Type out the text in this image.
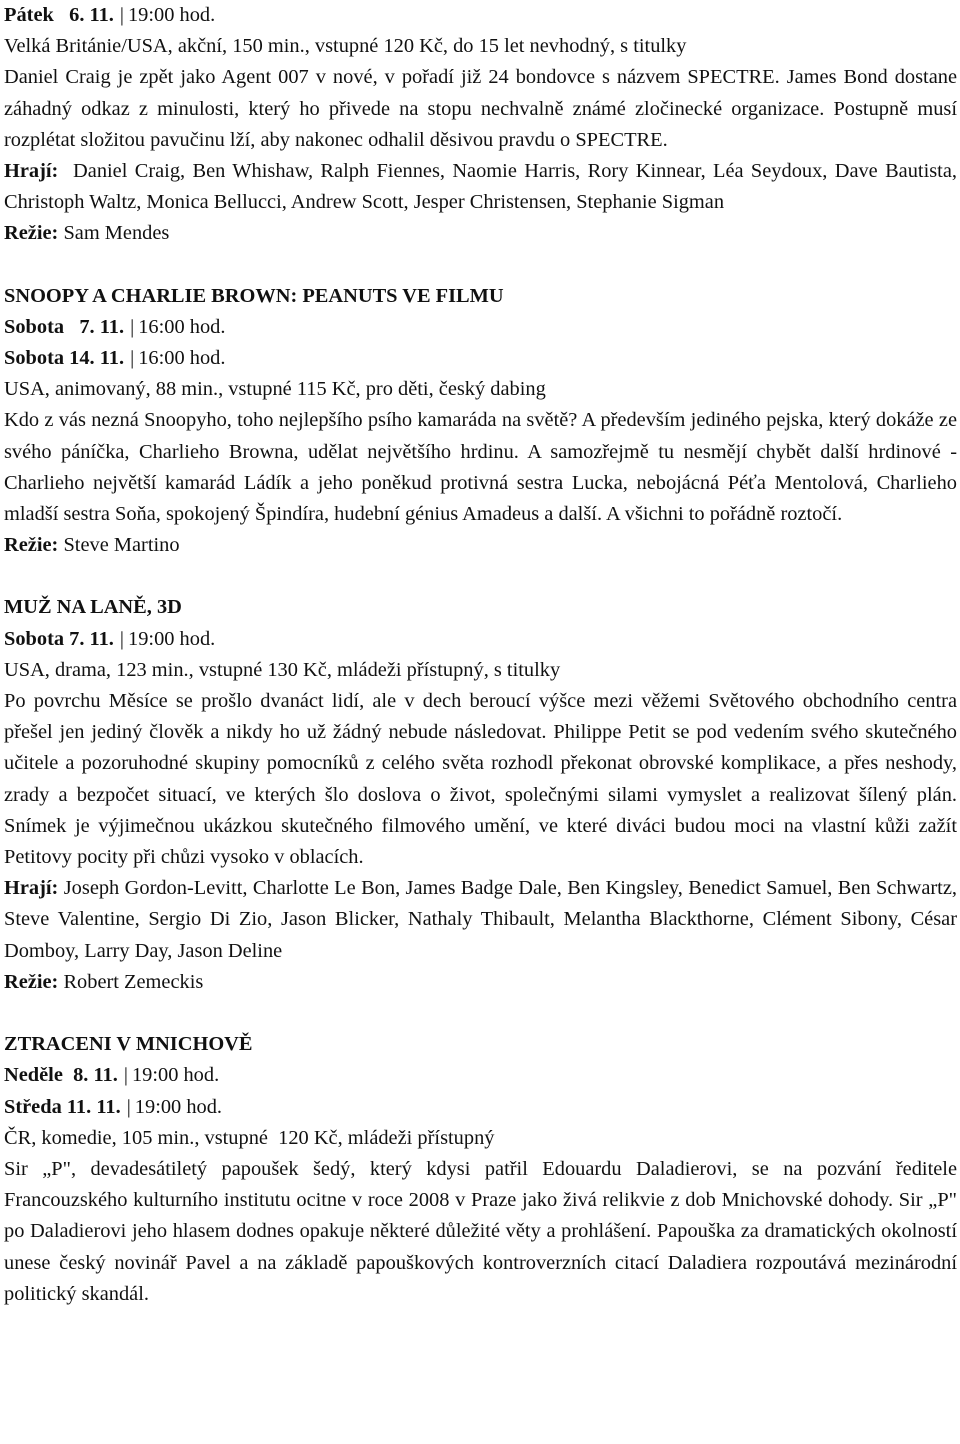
Pátek   6. 11. | 19:00 hod.

Velká Británie/USA, akční, 150 min., vstupné 120 Kč, do 15 let nevhodný, s titulky

Daniel Craig je zpět jako Agent 007 v nové, v pořadí již 24 bondovce s názvem SPECTRE. James Bond dostane záhadný odkaz z minulosti, který ho přivede na stopu nechvalně známé zločinecké organizace. Postupně musí rozplétat složitou pavučinu lží, aby nakonec odhalil děsivou pravdu o SPECTRE.

Hrají: Daniel Craig, Ben Whishaw, Ralph Fiennes, Naomie Harris, Rory Kinnear, Léa Seydoux, Dave Bautista, Christoph Waltz, Monica Bellucci, Andrew Scott, Jesper Christensen, Stephanie Sigman

Režie: Sam Mendes

SNOOPY A CHARLIE BROWN: PEANUTS VE FILMU

Sobota   7. 11. | 16:00 hod.

Sobota 14. 11. | 16:00 hod.

USA, animovaný, 88 min., vstupné 115 Kč, pro děti, český dabing

Kdo z vás nezná Snoopyho, toho nejlepšího psího kamaráda na světě? A především jediného pejska, který dokáže ze svého páníčka, Charlieho Browna, udělat největšího hrdinu. A samozřejmě tu nesmějí chybět další hrdinové - Charlieho největší kamarád Ládík a jeho poněkud protivná sestra Lucka, nebojácná Péťa Mentolová, Charlieho mladší sestra Soňa, spokojený Špindíra, hudební génius Amadeus a další. A všichni to pořádně roztočí.

Režie: Steve Martino

MUŽ NA LANĚ, 3D

Sobota 7. 11. | 19:00 hod.

USA, drama, 123 min., vstupné 130 Kč, mládeži přístupný, s titulky

Po povrchu Měsíce se prošlo dvanáct lidí, ale v dech beroucí výšce mezi věžemi Světového obchodního centra přešel jen jediný člověk a nikdy ho už žádný nebude následovat. Philippe Petit se pod vedením svého skutečného učitele a pozoruhodné skupiny pomocníků z celého světa rozhodl překonat obrovské komplikace, a přes neshody, zrady a bezpočet situací, ve kterých šlo doslova o život, společnými silami vymyslet a realizovat šílený plán. Snímek je výjimečnou ukázkou skutečného filmového umění, ve které diváci budou moci na vlastní kůži zažít Petitovy pocity při chůzi vysoko v oblacích.

Hrají: Joseph Gordon-Levitt, Charlotte Le Bon, James Badge Dale, Ben Kingsley, Benedict Samuel, Ben Schwartz, Steve Valentine, Sergio Di Zio, Jason Blicker, Nathaly Thibault, Melantha Blackthorne, Clément Sibony, César Domboy, Larry Day, Jason Deline

Režie: Robert Zemeckis

ZTRACENI V MNICHOVĚ

Neděle  8. 11. | 19:00 hod.

Středa 11. 11. | 19:00 hod.

ČR, komedie, 105 min., vstupné  120 Kč, mládeži přístupný

Sir „P", devadesátiletý papoušek šedý, který kdysi patřil Edouardu Daladierovi, se na pozvání ředitele Francouzského kulturního institutu ocitne v roce 2008 v Praze jako živá relikvie z dob Mnichovské dohody. Sir „P" po Daladierovi jeho hlasem dodnes opakuje některé důležité věty a prohlášení. Papouška za dramatických okolností unese český novinář Pavel a na základě papouškových kontroverzních citací Daladiera rozpoutává mezinárodní politický skandál.
